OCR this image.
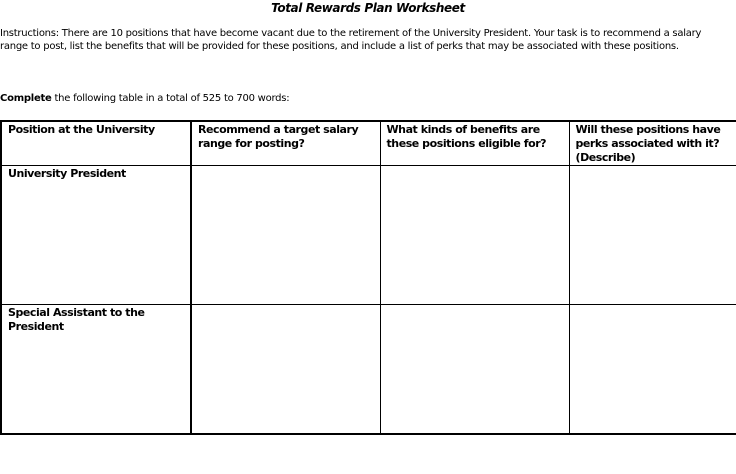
Total Rewards Plan Worksheet
Instructions: There are 10 positions that have become vacant due to the retirement of the University President. Your task is to recommend a salary range to post, list the benefits that will be provided for these positions, and include a list of perks that may be associated with these positions.
Complete the following table in a total of 525 to 700 words:
Position at the University	Recommend a target salary range for posting?	What kinds of benefits are these positions eligible for?	Will these positions have perks associated with it? (Describe)
University President			
Special Assistant to the President			
